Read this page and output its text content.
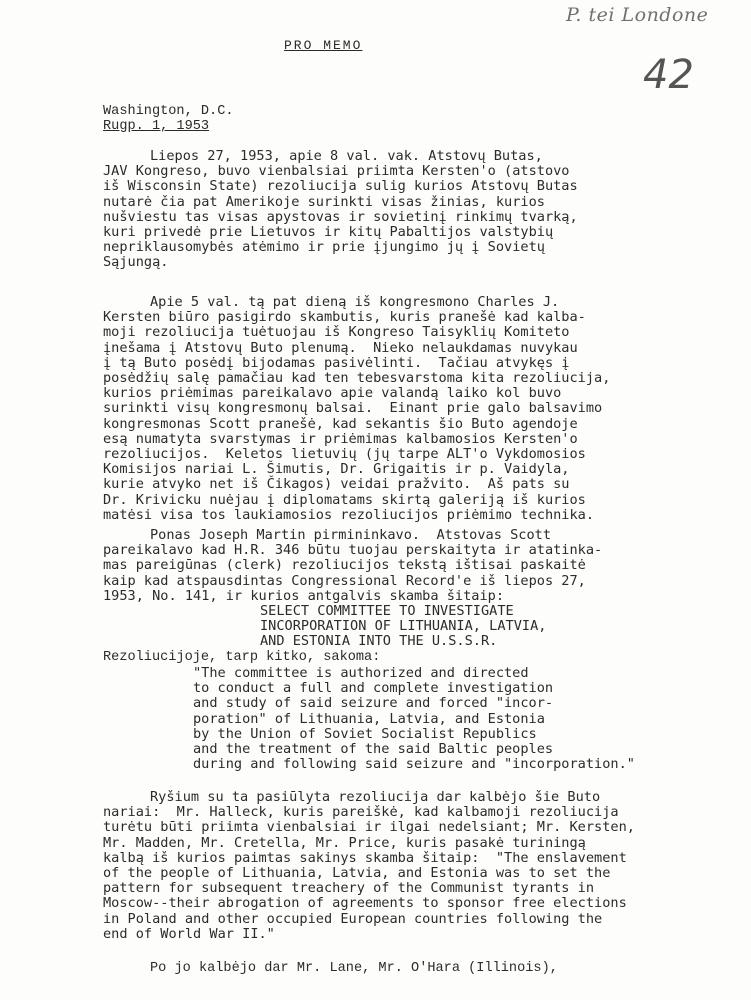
P. tei Londone
42
PRO MEMO
Washington, D.C.
Rugp. 1, 1953
Liepos 27, 1953, apie 8 val. vak. Atstovų Butas,
JAV Kongreso, buvo vienbalsiai priimta Kersten'o (atstovo
iš Wisconsin State) rezoliucija sulig kurios Atstovų Butas
nutarė čia pat Amerikoje surinkti visas žinias, kurios
nušviestu tas visas apystovas ir sovietinį rinkimų tvarką,
kuri privedė prie Lietuvos ir kitų Pabaltijos valstybių
nepriklausomybės atėmimo ir prie įjungimo jų į Sovietų
Sąjungą.
Apie 5 val. tą pat dieną iš kongresmono Charles J.
Kersten biūro pasigirdo skambutis, kuris pranešė kad kalba-
moji rezoliucija tuėtuojau iš Kongreso Taisyklių Komiteto
įnešama į Atstovų Buto plenumą.  Nieko nelaukdamas nuvykau
į tą Buto posėdį bijodamas pasivėlinti.  Tačiau atvykęs į
posėdžių salę pamačiau kad ten tebesvarstoma kita rezoliucija,
kurios priėmimas pareikalavo apie valandą laiko kol buvo
surinkti visų kongresmonų balsai.  Einant prie galo balsavimo
kongresmonas Scott pranešė, kad sekantis šio Buto agendoje
esą numatyta svarstymas ir priėmimas kalbamosios Kersten'o
rezoliucijos.  Keletos lietuvių (jų tarpe ALT'o Vykdomosios
Komisijos nariai L. Šimutis, Dr. Grigaitis ir p. Vaidyla,
kurie atvyko net iš Čikagos) veidai pražvito.  Aš pats su
Dr. Krivicku nuėjau į diplomatams skirtą galeriją iš kurios
matėsi visa tos laukiamosios rezoliucijos priėmimo technika.
Ponas Joseph Martin pirmininkavo.  Atstovas Scott
pareikalavo kad H.R. 346 būtu tuojau perskaityta ir atatinka-
mas pareigūnas (clerk) rezoliucijos tekstą ištisai paskaitė
kaip kad atspausdintas Congressional Record'e iš liepos 27,
1953, No. 141, ir kurios antgalvis skamba šitaip:
SELECT COMMITTEE TO INVESTIGATE
INCORPORATION OF LITHUANIA, LATVIA,
AND ESTONIA INTO THE U.S.S.R.
Rezoliucijoje, tarp kitko, sakoma:
"The committee is authorized and directed
to conduct a full and complete investigation
and study of said seizure and forced "incor-
poration" of Lithuania, Latvia, and Estonia
by the Union of Soviet Socialist Republics
and the treatment of the said Baltic peoples
during and following said seizure and "incorporation."
Ryšium su ta pasiūlyta rezoliucija dar kalbėjo šie Buto
nariai:  Mr. Halleck, kuris pareiškė, kad kalbamoji rezoliucija
turėtu būti priimta vienbalsiai ir ilgai nedelsiant; Mr. Kersten,
Mr. Madden, Mr. Cretella, Mr. Price, kuris pasakė turiningą
kalbą iš kurios paimtas sakinys skamba šitaip:  "The enslavement
of the people of Lithuania, Latvia, and Estonia was to set the
pattern for subsequent treachery of the Communist tyrants in
Moscow--their abrogation of agreements to sponsor free elections
in Poland and other occupied European countries following the
end of World War II."
Po jo kalbėjo dar Mr. Lane, Mr. O'Hara (Illinois),
